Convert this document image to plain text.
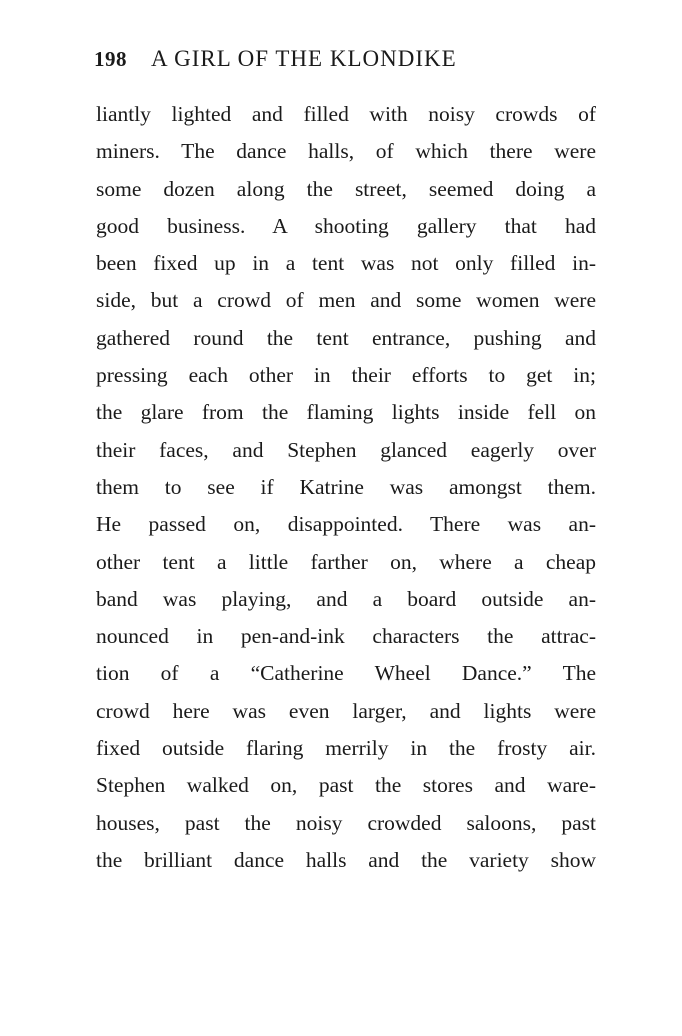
198 A GIRL OF THE KLONDIKE
liantly lighted and filled with noisy crowds of
miners. The dance halls, of which there were
some dozen along the street, seemed doing a
good business. A shooting gallery that had
been fixed up in a tent was not only filled in-
side, but a crowd of men and some women were
gathered round the tent entrance, pushing and
pressing each other in their efforts to get in;
the glare from the flaming lights inside fell on
their faces, and Stephen glanced eagerly over
them to see if Katrine was amongst them.
He passed on, disappointed. There was an-
other tent a little farther on, where a cheap
band was playing, and a board outside an-
nounced in pen-and-ink characters the attrac-
tion of a “Catherine Wheel Dance.” The
crowd here was even larger, and lights were
fixed outside flaring merrily in the frosty air.
Stephen walked on, past the stores and ware-
houses, past the noisy crowded saloons, past
the brilliant dance halls and the variety show
